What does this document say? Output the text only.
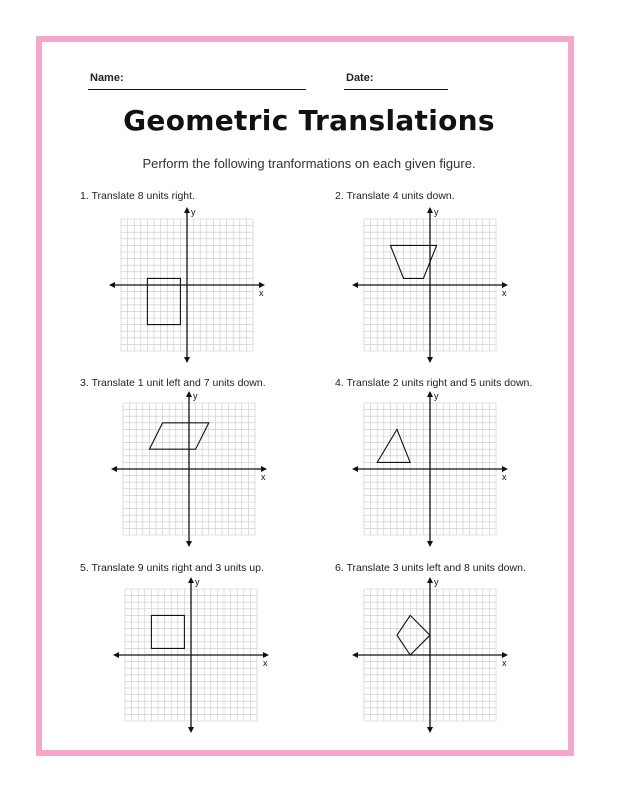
Name:	Date:
Geometric Translations
Perform the following tranformations on each given figure.
1. Translate 8 units right.
x
y
2. Translate 4 units down.
x
y
3. Translate 1 unit left and 7 units down.
x
y
4. Translate 2 units right and 5 units down.
x
y
5. Translate 9 units right and 3 units up.
x
y
6. Translate 3 units left and 8 units down.
x
y
